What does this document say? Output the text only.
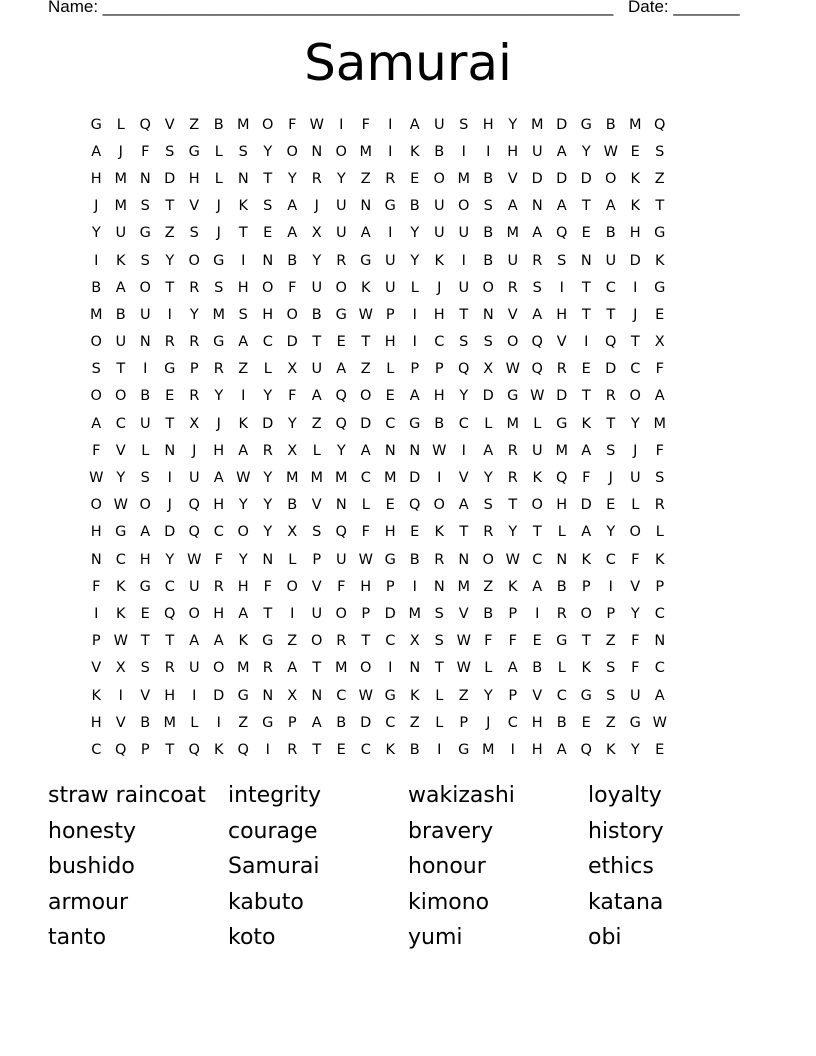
Name: ______________________________________________________ Date: _______
Samurai
G	L	Q V	Z	B M O	F W	I	F	I	A U	S H	Y M D G B M Q
A	J	F	S G	L	S	Y O N O M	I	K	B	I	I	H U A	Y W E	S
H M N D H	L	N	T	Y	R	Y	Z R	E O M B	V D D D O K	Z
J	M S	T	V	J	K	S	A	J	U N G B U O S	A N A	T	A	K	T
Y	U G Z	S	J	T	E	A	X U A	I	Y	U U B M A Q E	B H G
I	K	S	Y O G	I	N B	Y	R G U	Y	K	I	B U R	S N U D K
B	A O T	R	S H O	F	U O K U	L	J	U O R	S	I	T	C	I	G
M B U	I	Y M S H O B G W P	I	H	T	N V	A H	T	T	J	E
O U N R R G A C D T	E	T	H	I	C	S	S O Q V	I	Q T	X
S	T	I	G	P	R	Z	L	X U A	Z	L	P	P Q X W Q R	E D C	F
O O B	E	R	Y	I	Y	F	A Q O E	A H	Y D G W D T	R O A
A C U	T	X	J	K D Y	Z Q D C G B C	L M L	G K	T	Y M
F	V	L	N	J	H A	R	X	L	Y	A N N W	I	A	R U M A	S	J	F
W Y	S	I	U A W Y M M M C M D	I	V	Y	R	K Q	F	J	U	S
O W O	J	Q H	Y	Y	B	V N	L	E Q O A	S	T O H D E	L	R
H G A D Q C O Y	X	S Q	F	H E	K	T	R	Y	T	L	A	Y O	L
N C H	Y W F	Y	N	L	P	U W G B R N O W C N K	C	F	K
F	K G C U R H	F	O V	F	H	P	I	N M Z	K	A	B	P	I	V	P
I	K	E Q O H A	T	I	U O P	D M S	V	B	P	I	R O P	Y	C
P W T	T	A	A	K G Z O R	T	C X	S W F	F	E G T	Z	F	N
V	X	S	R U O M R	A	T M O	I	N	T W L	A	B	L	K	S	F	C
K	I	V H	I	D G N X N C W G K	L	Z	Y	P	V C G S	U A
H V	B M L	I	Z G	P	A	B D C Z	L	P	J	C H B	E	Z G W
C Q P	T Q K Q	I	R	T	E	C	K	B	I	G M	I	H A Q K	Y	E
straw raincoat	integrity	wakizashi	loyalty
honesty	courage	bravery	history
bushido	Samurai	honour	ethics
armour	kabuto	kimono	katana
tanto	koto	yumi	obi
